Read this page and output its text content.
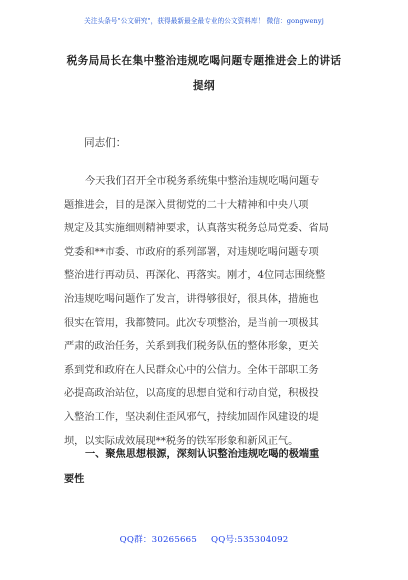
关注头条号"公文研究"，获得最新最全最专业的公文资料库！ 微信：gongwenyj
税务局局长在集中整治违规吃喝问题专题推进会上的讲话
提纲
同志们：
今天我们召开全市税务系统集中整治违规吃喝问题专
题推进会，目的是深入贯彻党的二十大精神和中央八项
规定及其实施细则精神要求，认真落实税务总局党委、省局
党委和**市委、市政府的系列部署，对违规吃喝问题专项
整治进行再动员、再深化、再落实。刚才，4位同志围绕整
治违规吃喝问题作了发言，讲得够很好，很具体，措施也
很实在管用，我都赞同。此次专项整治，是当前一项极其
严肃的政治任务，关系到我们税务队伍的整体形象，更关
系到党和政府在人民群众心中的公信力。全体干部职工务
必提高政治站位，以高度的思想自觉和行动自觉，积极投
入整治工作，坚决刹住歪风邪气，持续加固作风建设的堤
坝，以实际成效展现**税务的铁军形象和新风正气。
一、聚焦思想根源，深刻认识整治违规吃喝的极端重
要性
QQ群：30265665 QQ号:535304092
